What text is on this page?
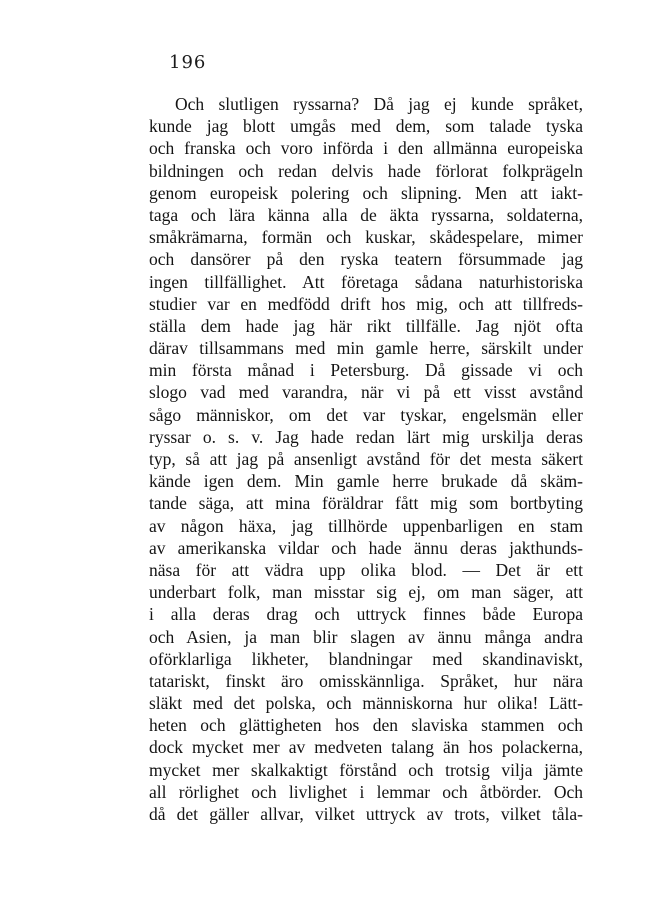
196
Och slutligen ryssarna? Då jag ej kunde språket,
kunde jag blott umgås med dem, som talade tyska
och franska och voro införda i den allmänna europeiska
bildningen och redan delvis hade förlorat folkprägeln
genom europeisk polering och slipning. Men att iakt-
taga och lära känna alla de äkta ryssarna, soldaterna,
småkrämarna, formän och kuskar, skådespelare, mimer
och dansörer på den ryska teatern försummade jag
ingen tillfällighet. Att företaga sådana naturhistoriska
studier var en medfödd drift hos mig, och att tillfreds-
ställa dem hade jag här rikt tillfälle. Jag njöt ofta
därav tillsammans med min gamle herre, särskilt under
min första månad i Petersburg. Då gissade vi och
slogo vad med varandra, när vi på ett visst avstånd
sågo människor, om det var tyskar, engelsmän eller
ryssar o. s. v. Jag hade redan lärt mig urskilja deras
typ, så att jag på ansenligt avstånd för det mesta säkert
kände igen dem. Min gamle herre brukade då skäm-
tande säga, att mina föräldrar fått mig som bortbyting
av någon häxa, jag tillhörde uppenbarligen en stam
av amerikanska vildar och hade ännu deras jakthunds-
näsa för att vädra upp olika blod. — Det är ett
underbart folk, man misstar sig ej, om man säger, att
i alla deras drag och uttryck finnes både Europa
och Asien, ja man blir slagen av ännu många andra
oförklarliga likheter, blandningar med skandinaviskt,
tatariskt, finskt äro omisskännliga. Språket, hur nära
släkt med det polska, och människorna hur olika! Lätt-
heten och glättigheten hos den slaviska stammen och
dock mycket mer av medveten talang än hos polackerna,
mycket mer skalkaktigt förstånd och trotsig vilja jämte
all rörlighet och livlighet i lemmar och åtbörder. Och
då det gäller allvar, vilket uttryck av trots, vilket tåla-
